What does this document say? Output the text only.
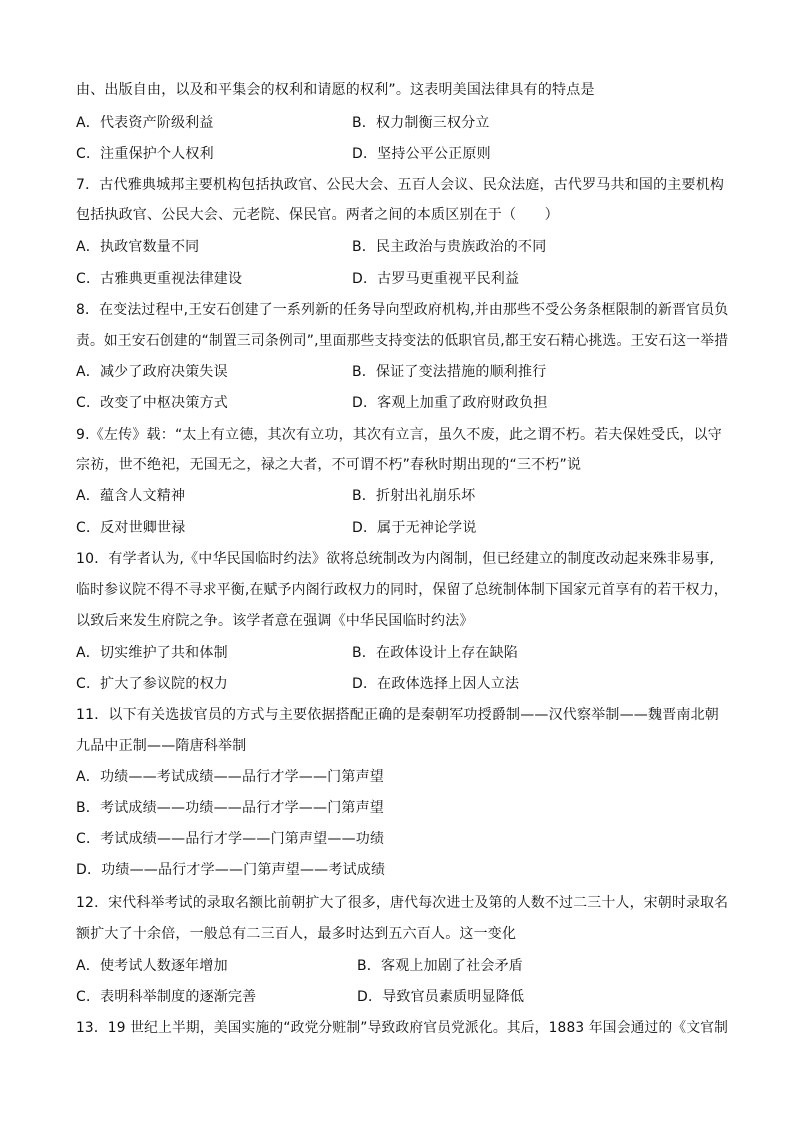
由、出版自由，以及和平集会的权利和请愿的权利”。这表明美国法律具有的特点是
A．代表资产阶级利益	B．权力制衡三权分立
C．注重保护个人权利	D．坚持公平公正原则
7．古代雅典城邦主要机构包括执政官、公民大会、五百人会议、民众法庭，古代罗马共和国的主要机构
包括执政官、公民大会、元老院、保民官。两者之间的本质区别在于（　　）
A．执政官数量不同	B．民主政治与贵族政治的不同
C．古雅典更重视法律建设	D．古罗马更重视平民利益
8．在变法过程中,王安石创建了一系列新的任务导向型政府机构,并由那些不受公务条框限制的新晋官员负
责。如王安石创建的“制置三司条例司”,里面那些支持变法的低职官员,都王安石精心挑选。王安石这一举措
A．减少了政府决策失误	B．保证了变法措施的顺利推行
C．改变了中枢决策方式	D．客观上加重了政府财政负担
9.《左传》载：“太上有立德，其次有立功，其次有立言，虽久不废，此之谓不朽。若夫保姓受氏，以守
宗祊，世不绝祀，无国无之，禄之大者，不可谓不朽”春秋时期出现的“三不朽”说
A．蕴含人文精神	B．折射出礼崩乐坏
C．反对世卿世禄	D．属于无神论学说
10．有学者认为,《中华民国临时约法》欲将总统制改为内阁制，但已经建立的制度改动起来殊非易事,
临时参议院不得不寻求平衡,在赋予内阁行政权力的同时，保留了总统制体制下国家元首享有的若干权力，
以致后来发生府院之争。该学者意在强调《中华民国临时约法》
A．切实维护了共和体制	B．在政体设计上存在缺陷
C．扩大了参议院的权力	D．在政体选择上因人立法
11．以下有关选拔官员的方式与主要依据搭配正确的是秦朝军功授爵制——汉代察举制——魏晋南北朝
九品中正制——隋唐科举制
A．功绩——考试成绩——品行才学——门第声望
B．考试成绩——功绩——品行才学——门第声望
C．考试成绩——品行才学——门第声望——功绩
D．功绩——品行才学——门第声望——考试成绩
12．宋代科举考试的录取名额比前朝扩大了很多，唐代每次进士及第的人数不过二三十人，宋朝时录取名
额扩大了十余倍，一般总有二三百人，最多时达到五六百人。这一变化
A．使考试人数逐年增加	B．客观上加剧了社会矛盾
C．表明科举制度的逐渐完善	D．导致官员素质明显降低
13．19 世纪上半期，美国实施的“政党分赃制”导致政府官员党派化。其后，1883 年国会通过的《文官制
